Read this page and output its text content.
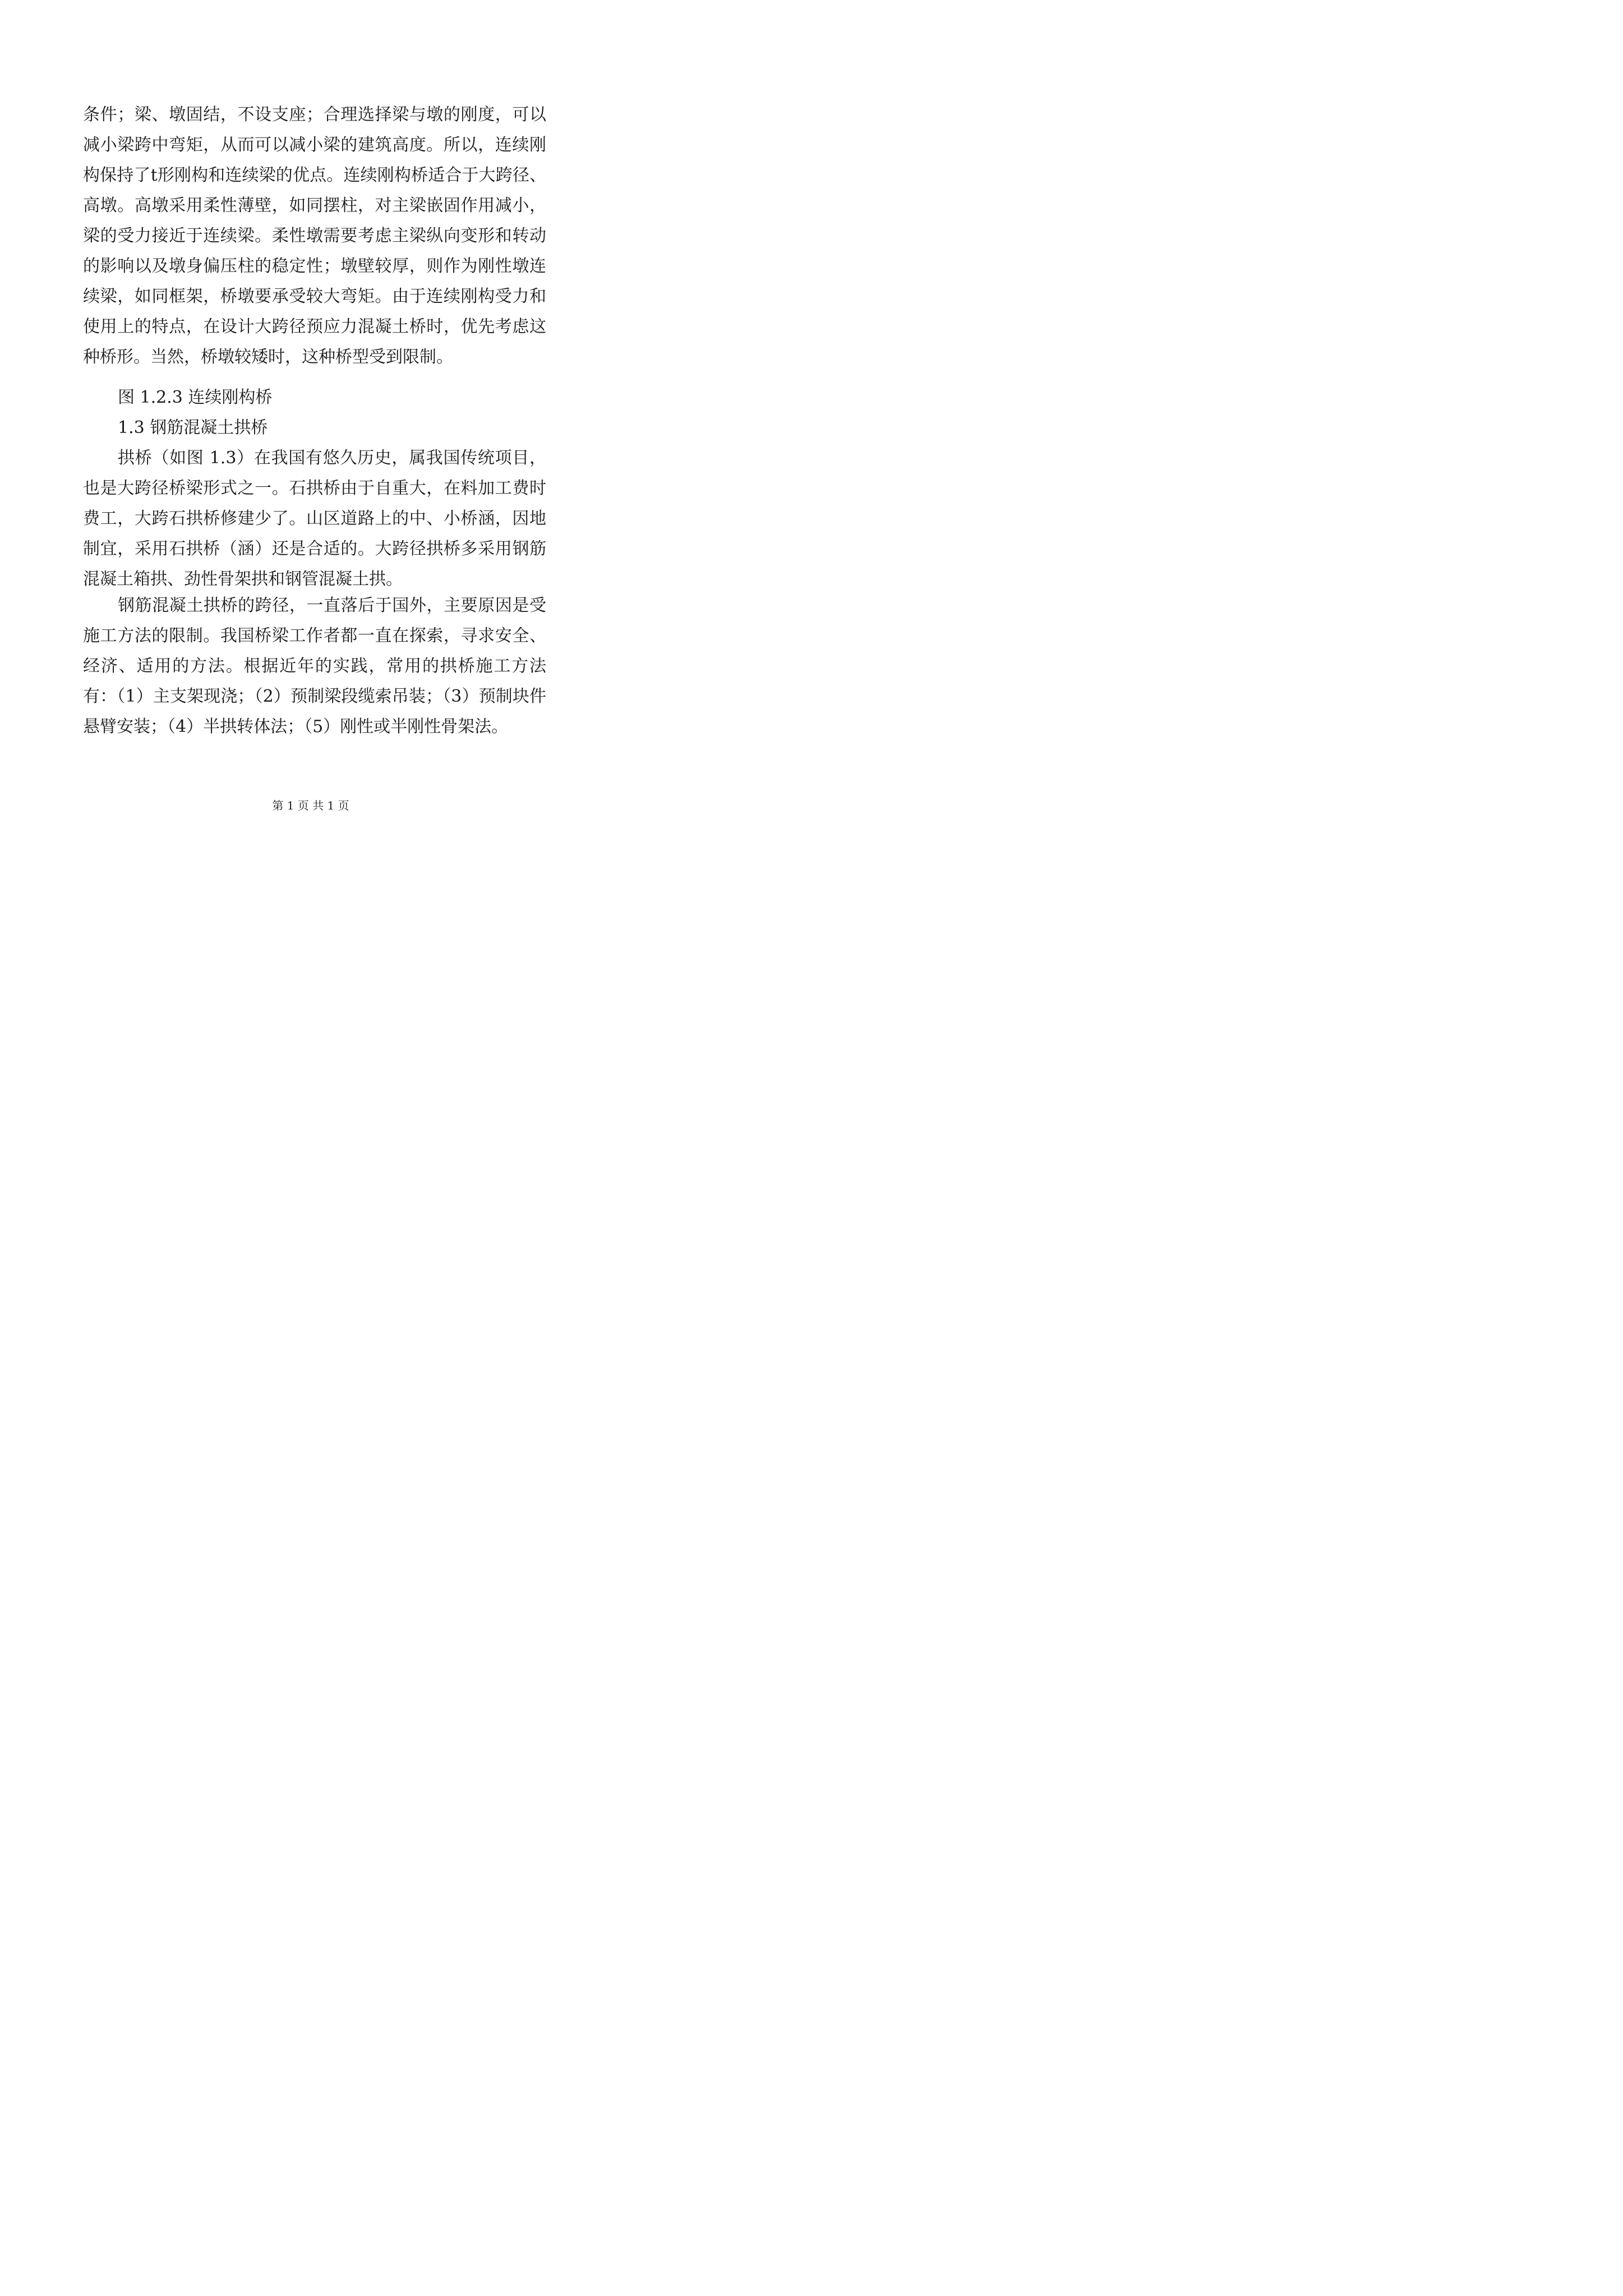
条件；梁、墩固结，不设支座；合理选择梁与墩的刚度，可以减小梁跨中弯矩，从而可以减小梁的建筑高度。所以，连续刚构保持了t形刚构和连续梁的优点。连续刚构桥适合于大跨径、高墩。高墩采用柔性薄壁，如同摆柱，对主梁嵌固作用减小，梁的受力接近于连续梁。柔性墩需要考虑主梁纵向变形和转动的影响以及墩身偏压柱的稳定性；墩壁较厚，则作为刚性墩连续梁，如同框架，桥墩要承受较大弯矩。由于连续刚构受力和使用上的特点，在设计大跨径预应力混凝土桥时，优先考虑这种桥形。当然，桥墩较矮时，这种桥型受到限制。

图 1.2.3 连续刚构桥

1.3 钢筋混凝土拱桥

拱桥（如图 1.3）在我国有悠久历史，属我国传统项目，也是大跨径桥梁形式之一。石拱桥由于自重大，在料加工费时费工，大跨石拱桥修建少了。山区道路上的中、小桥涵，因地制宜，采用石拱桥（涵）还是合适的。大跨径拱桥多采用钢筋混凝土箱拱、劲性骨架拱和钢管混凝土拱。

钢筋混凝土拱桥的跨径，一直落后于国外，主要原因是受施工方法的限制。我国桥梁工作者都一直在探索，寻求安全、经济、适用的方法。根据近年的实践，常用的拱桥施工方法有：（1）主支架现浇；（2）预制梁段缆索吊装；（3）预制块件悬臂安装；（4）半拱转体法；（5）刚性或半刚性骨架法。

第 1 页 共 1 页
